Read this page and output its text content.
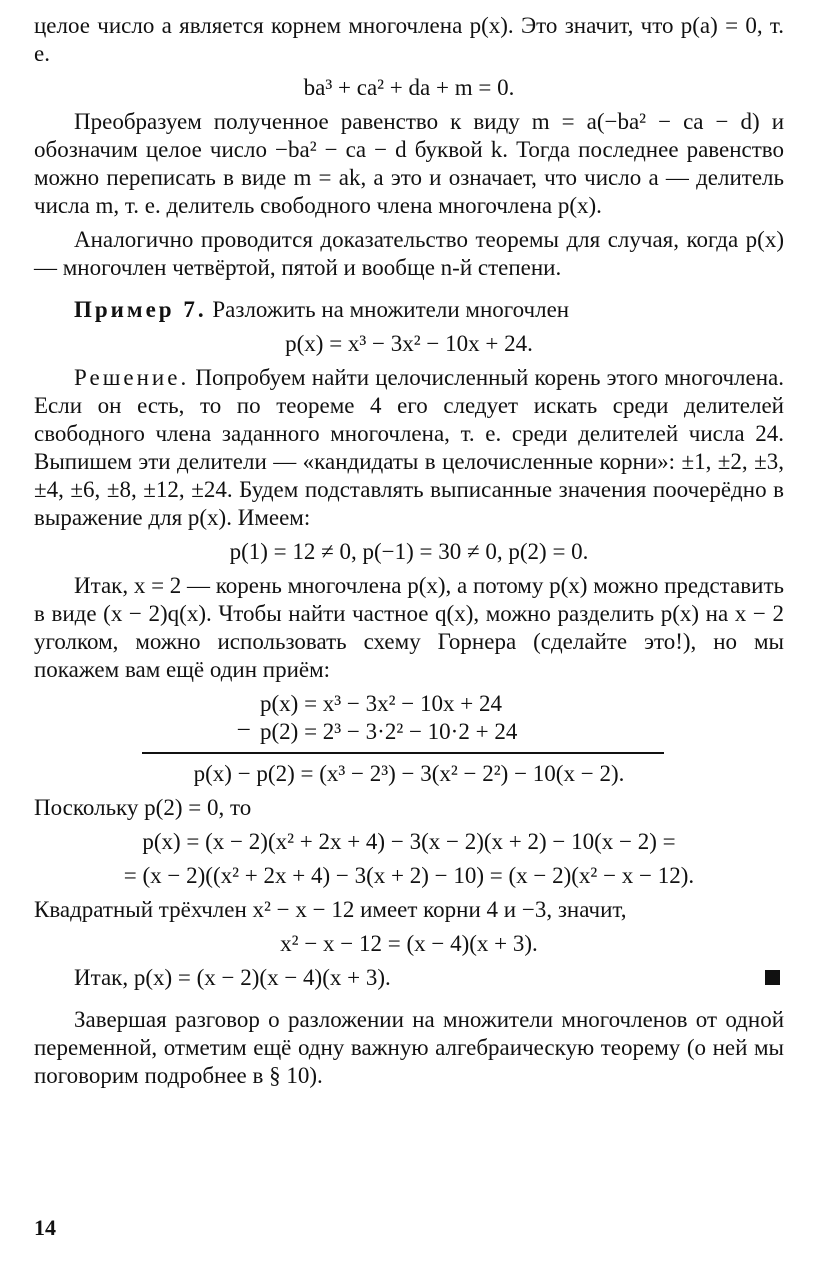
целое число a является корнем многочлена p(x). Это значит, что p(a) = 0, т. е.

ba³ + ca² + da + m = 0.

Преобразуем полученное равенство к виду m = a(−ba² − ca − d) и обозначим целое число −ba² − ca − d буквой k. Тогда последнее равенство можно переписать в виде m = ak, а это и означает, что число a — делитель числа m, т. е. делитель свободного члена многочлена p(x).

Аналогично проводится доказательство теоремы для случая, когда p(x) — многочлен четвёртой, пятой и вообще n-й степени.

Пример 7. Разложить на множители многочлен

p(x) = x³ − 3x² − 10x + 24.

Решение. Попробуем найти целочисленный корень этого многочлена. Если он есть, то по теореме 4 его следует искать среди делителей свободного члена заданного многочлена, т. е. среди делителей числа 24. Выпишем эти делители — «кандидаты в целочисленные корни»: ±1, ±2, ±3, ±4, ±6, ±8, ±12, ±24. Будем подставлять выписанные значения поочерёдно в выражение для p(x). Имеем:

p(1) = 12 ≠ 0, p(−1) = 30 ≠ 0, p(2) = 0.

Итак, x = 2 — корень многочлена p(x), а потому p(x) можно представить в виде (x − 2)q(x). Чтобы найти частное q(x), можно разделить p(x) на x − 2 уголком, можно использовать схему Горнера (сделайте это!), но мы покажем вам ещё один приём:

p(x) = x³ − 3x² − 10x + 24
_ p(2) = 2³ − 3·2² − 10·2 + 24

p(x) − p(2) = (x³ − 2³) − 3(x² − 2²) − 10(x − 2).

Поскольку p(2) = 0, то

p(x) = (x − 2)(x² + 2x + 4) − 3(x − 2)(x + 2) − 10(x − 2) =

= (x − 2)((x² + 2x + 4) − 3(x + 2) − 10) = (x − 2)(x² − x − 12).

Квадратный трёхчлен x² − x − 12 имеет корни 4 и −3, значит,

x² − x − 12 = (x − 4)(x + 3).

Итак, p(x) = (x − 2)(x − 4)(x + 3).

Завершая разговор о разложении на множители многочленов от одной переменной, отметим ещё одну важную алгебраическую теорему (о ней мы поговорим подробнее в § 10).

14
